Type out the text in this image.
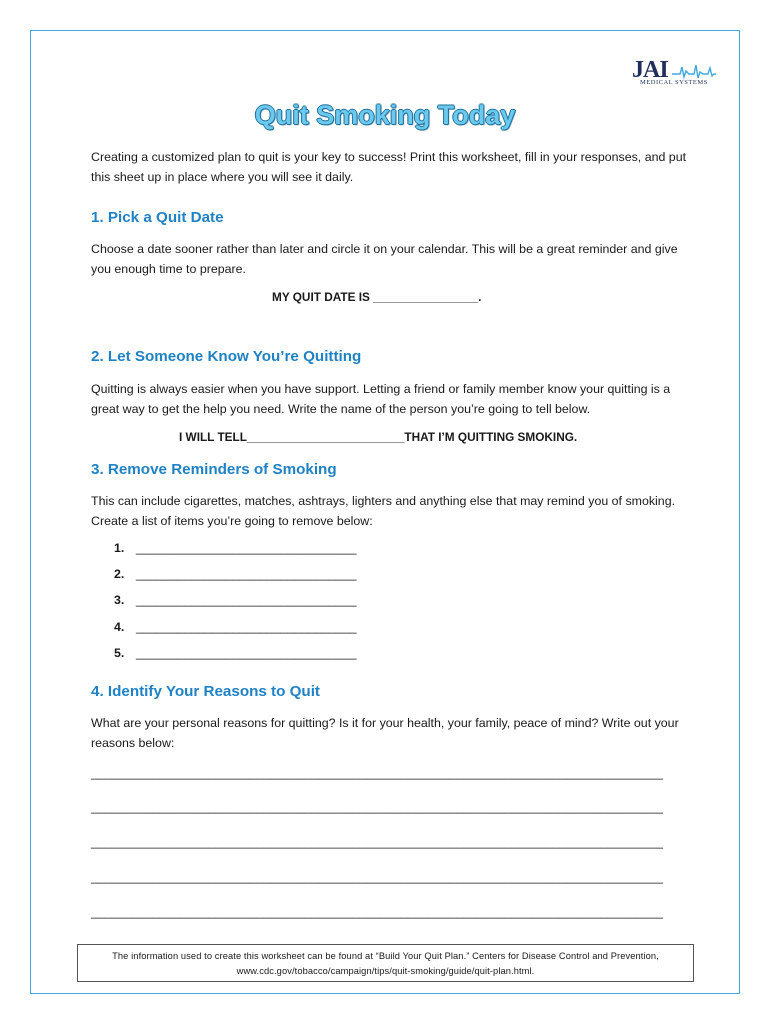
JAI
MEDICAL SYSTEMS
Quit Smoking Today

Creating a customized plan to quit is your key to success! Print this worksheet, fill in your responses, and put this sheet up in place where you will see it daily.

1. Pick a Quit Date

Choose a date sooner rather than later and circle it on your calendar. This will be a great reminder and give you enough time to prepare.

MY QUIT DATE IS ________________.
2. Let Someone Know You’re Quitting

Quitting is always easier when you have support. Letting a friend or family member know your quitting is a great way to get the help you need. Write the name of the person you’re going to tell below.

I WILL TELL________________________THAT I’M QUITTING SMOKING.
3. Remove Reminders of Smoking

This can include cigarettes, matches, ashtrays, lighters and anything else that may remind you of smoking. Create a list of items you’re going to remove below:

1. ________________________________
2. ________________________________
3. ________________________________
4. ________________________________
5. ________________________________
4. Identify Your Reasons to Quit

What are your personal reasons for quitting? Is it for your health, your family, peace of mind? Write out your reasons below:

___________________________________________________________________________________
___________________________________________________________________________________
___________________________________________________________________________________
___________________________________________________________________________________
___________________________________________________________________________________
The information used to create this worksheet can be found at “Build Your Quit Plan.” Centers for Disease Control and Prevention,
www.cdc.gov/tobacco/campaign/tips/quit-smoking/guide/quit-plan.html.
